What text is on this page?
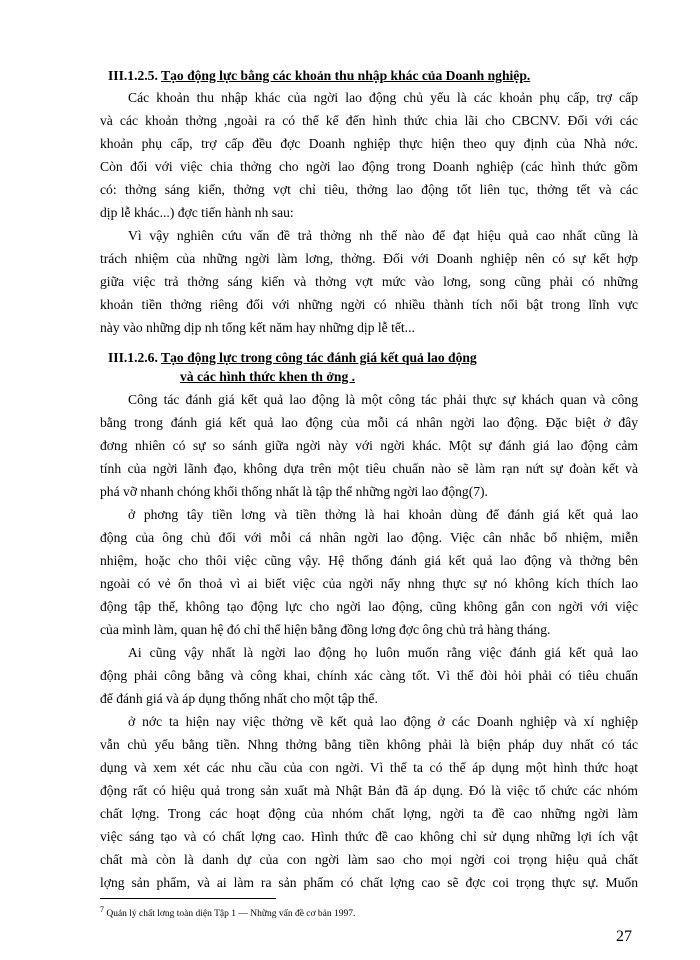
III.1.2.5. Tạo động lực bằng các khoản thu nhập khác của Doanh nghiệp.
Các khoản thu nhập khác của ngời lao động chủ yếu là các khoản phụ cấp, trợ cấp
và các khoản thởng ,ngoài ra có thể kể đến hình thức chia lãi cho CBCNV. Đối với các
khoản phụ cấp, trợ cấp đều đợc Doanh nghiệp thực hiện theo quy định của Nhà nớc.
Còn đối với việc chia thởng cho ngời lao động trong Doanh nghiệp (các hình thức gồm
có: thởng sáng kiến, thởng vợt chỉ tiêu, thởng lao động tốt liên tục, thởng tết và các
dịp lễ khác...) đợc tiến hành nh sau:
Vì vậy nghiên cứu vấn đề trả thởng nh thế nào để đạt hiệu quả cao nhất cũng là
trách nhiệm của những ngời làm lơng, thởng. Đối với Doanh nghiệp nên có sự kết hợp
giữa việc trả thởng sáng kiến và thởng vợt mức vào lơng, song cũng phải có những
khoản tiền thởng riêng đối với những ngời có nhiều thành tích nổi bật trong lĩnh vực
này vào những dịp nh tổng kết năm hay những dịp lễ tết...
III.1.2.6. Tạo động lực trong công tác đánh giá kết quả lao động
và các hình thức khen th ởng .
Công tác đánh giá kết quả lao động là một công tác phải thực sự khách quan và công
bằng trong đánh giá kết quả lao động của mỗi cá nhân ngời lao động. Đặc biệt ở đây
đơng nhiên có sự so sánh giữa ngời này với ngời khác. Một sự đánh giá lao động cảm
tính của ngời lãnh đạo, không dựa trên một tiêu chuẩn nào sẽ làm rạn nứt sự đoàn kết và
phá vỡ nhanh chóng khối thống nhất là tập thể những ngời lao động(7).
ở phơng tây tiền lơng và tiền thởng là hai khoản dùng để đánh giá kết quả lao
động của ông chủ đối với mỗi cá nhân ngời lao động. Việc cân nhắc bổ nhiệm, miễn
nhiệm, hoặc cho thôi việc cũng vậy. Hệ thống đánh giá kết quả lao động và thởng bên
ngoài có vẻ ổn thoả vì ai biết việc của ngời nấy nhng thực sự nó không kích thích lao
động tập thể, không tạo động lực cho ngời lao động, cũng không gắn con ngời với việc
của mình làm, quan hệ đó chỉ thể hiện bằng đồng lơng đợc ông chủ trả hàng tháng.
Ai cũng vậy nhất là ngời lao động họ luôn muốn rằng việc đánh giá kết quả lao
động phải công bằng và công khai, chính xác càng tốt. Vì thế đòi hỏi phải có tiêu chuẩn
để đánh giá và áp dụng thống nhất cho một tập thể.
ở nớc ta hiện nay việc thởng về kết quả lao động ở các Doanh nghiệp và xí nghiệp
vẫn chủ yếu bằng tiền. Nhng thởng bằng tiền không phải là biện pháp duy nhất có tác
dụng và xem xét các nhu cầu của con ngời. Vì thế ta có thể áp dụng một hình thức hoạt
động rất có hiệu quả trong sản xuất mà Nhật Bản đã áp dụng. Đó là việc tổ chức các nhóm
chất lợng. Trong các hoạt động của nhóm chất lợng, ngời ta đề cao những ngời làm
việc sáng tạo và có chất lợng cao. Hình thức đề cao không chỉ sử dụng những lợi ích vật
chất mà còn là danh dự của con ngời làm sao cho mọi ngời coi trọng hiệu quả chất
lợng sản phẩm, và ai làm ra sản phẩm có chất lợng cao sẽ đợc coi trọng thực sự. Muốn
$^7$ Quản lý chất lơng toàn diện Tập 1 — Những vấn đề cơ bản 1997.
27
